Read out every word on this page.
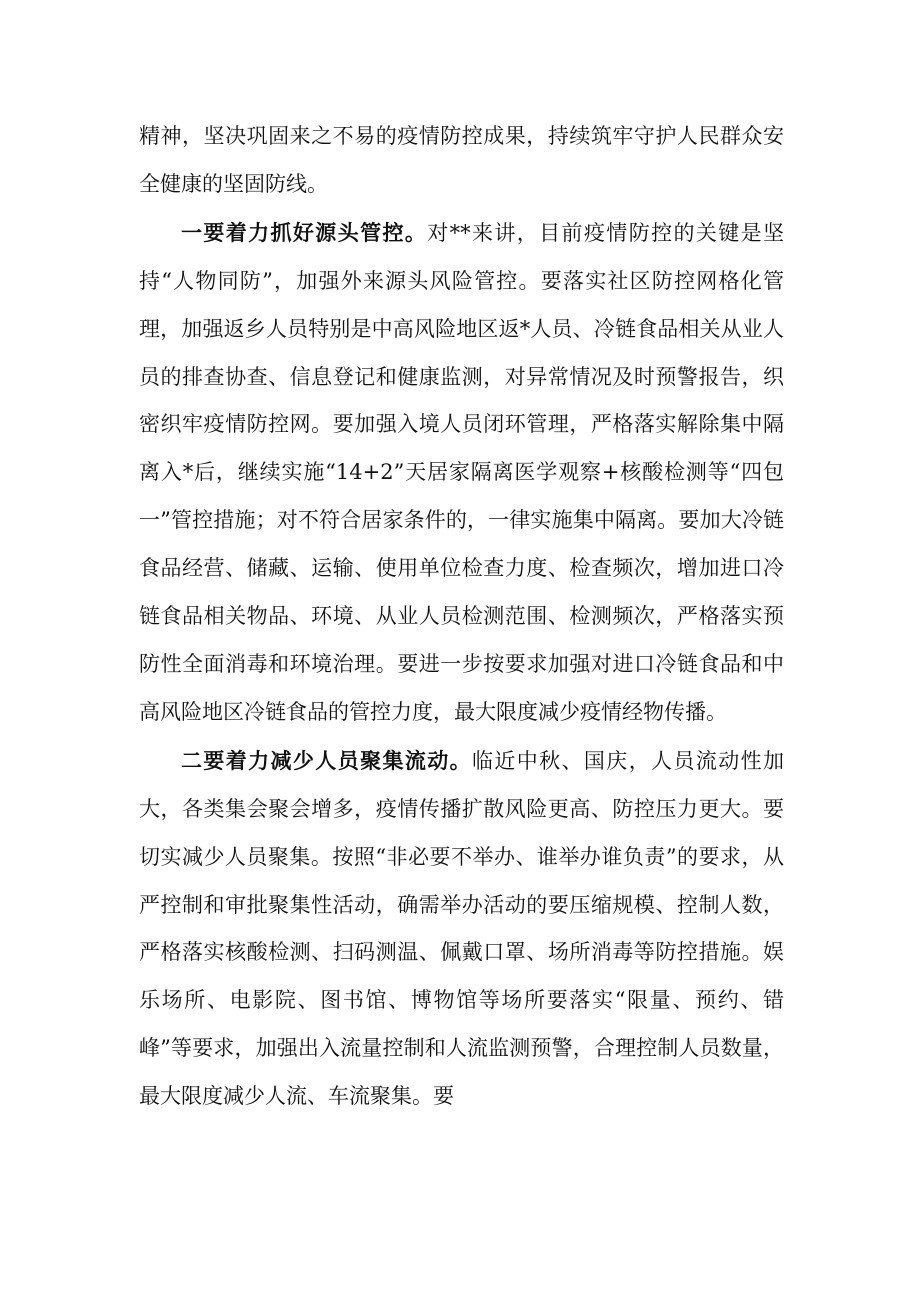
精神，坚决巩固来之不易的疫情防控成果，持续筑牢守护人民群众安全健康的坚固防线。

一要着力抓好源头管控。对**来讲，目前疫情防控的关键是坚持“人物同防”，加强外来源头风险管控。要落实社区防控网格化管理，加强返乡人员特别是中高风险地区返*人员、冷链食品相关从业人员的排查协查、信息登记和健康监测，对异常情况及时预警报告，织密织牢疫情防控网。要加强入境人员闭环管理，严格落实解除集中隔离入*后，继续实施“14+2”天居家隔离医学观察+核酸检测等“四包一”管控措施；对不符合居家条件的，一律实施集中隔离。要加大冷链食品经营、储藏、运输、使用单位检查力度、检查频次，增加进口冷链食品相关物品、环境、从业人员检测范围、检测频次，严格落实预防性全面消毒和环境治理。要进一步按要求加强对进口冷链食品和中高风险地区冷链食品的管控力度，最大限度减少疫情经物传播。

二要着力减少人员聚集流动。临近中秋、国庆，人员流动性加大，各类集会聚会增多，疫情传播扩散风险更高、防控压力更大。要切实减少人员聚集。按照“非必要不举办、谁举办谁负责”的要求，从严控制和审批聚集性活动，确需举办活动的要压缩规模、控制人数，严格落实核酸检测、扫码测温、佩戴口罩、场所消毒等防控措施。娱乐场所、电影院、图书馆、博物馆等场所要落实“限量、预约、错峰”等要求，加强出入流量控制和人流监测预警，合理控制人员数量，最大限度减少人流、车流聚集。要
